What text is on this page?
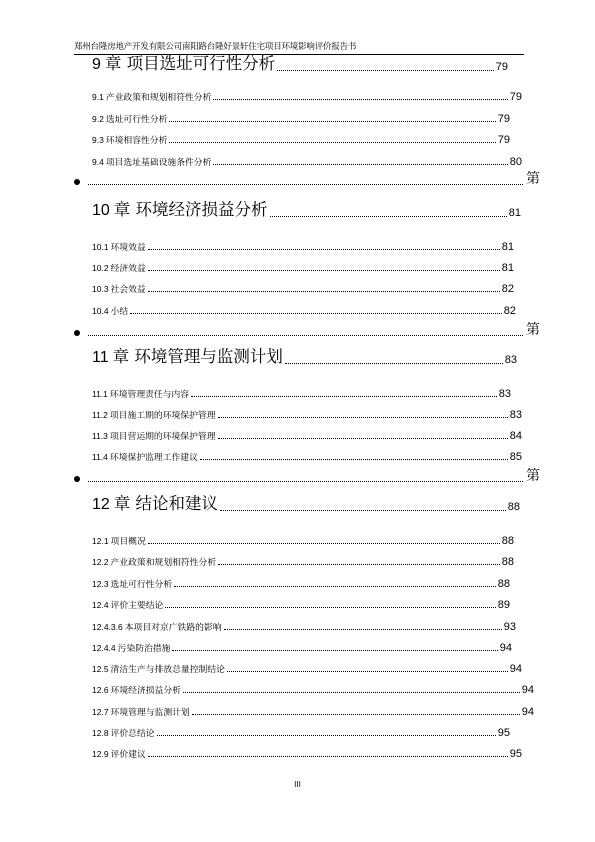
郑州台隆房地产开发有限公司南阳路台隆好景轩住宅项目环境影响评价报告书
9 章 项目选址可行性分析	79
9.1 产业政策和规划相符性分析	79
9.2 选址可行性分析	79
9.3 环境相容性分析	79
9.4 项目选址基础设施条件分析	80
第
10 章 环境经济损益分析	81
10.1 环境效益	81
10.2 经济效益	81
10.3 社会效益	82
10.4 小结	82
第
11 章 环境管理与监测计划	83
11.1 环境管理责任与内容	83
11.2 项目施工期的环境保护管理	83
11.3 项目营运期的环境保护管理	84
11.4 环境保护监理工作建议	85
第
12 章 结论和建议	88
12.1 项目概况	88
12.2 产业政策和规划相符性分析	88
12.3 选址可行性分析	88
12.4 评价主要结论	89
12.4.3.6 本项目对京广铁路的影响	93
12.4.4 污染防治措施	94
12.5 清洁生产与排放总量控制结论	94
12.6 环境经济损益分析	94
12.7 环境管理与监测计划	94
12.8 评价总结论	95
12.9 评价建议	95
III
